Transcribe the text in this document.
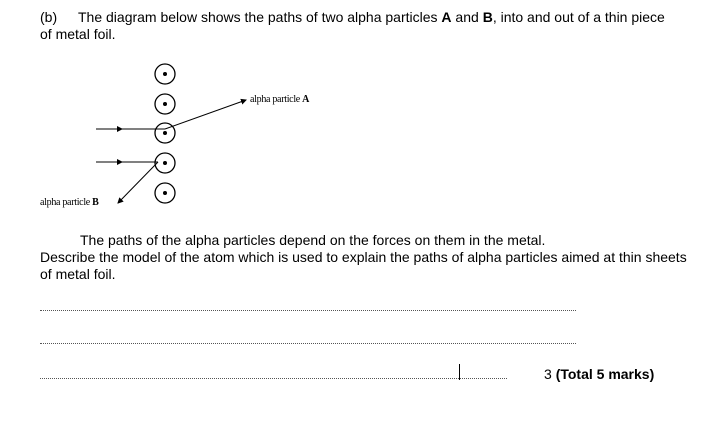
(b) The diagram below shows the paths of two alpha particles A and B, into and out of a thin piece of metal foil.
alpha particle A
alpha particle B
The paths of the alpha particles depend on the forces on them in the metal.
Describe the model of the atom which is used to explain the paths of alpha particles aimed at thin sheets of metal foil.
3 (Total 5 marks)
